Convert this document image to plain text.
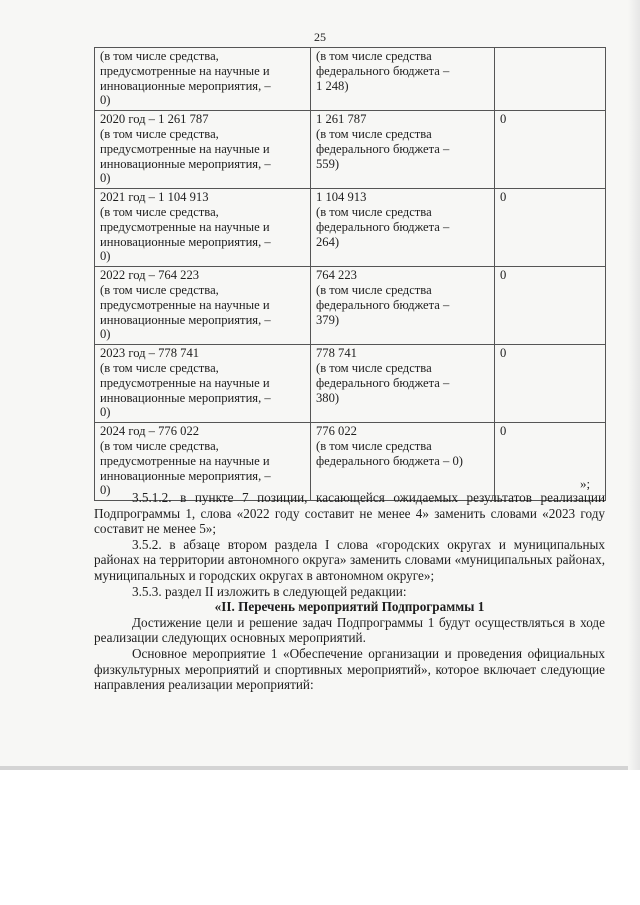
25
(в том числе средства,
предусмотренные на научные и
инновационные мероприятия, –
0)	(в том числе средства
федерального бюджета –
1 248)	

2020 год – 1 261 787
(в том числе средства,
предусмотренные на научные и
инновационные мероприятия, –
0)	1 261 787
(в том числе средства
федерального бюджета –
559)	0

2021 год – 1 104 913
(в том числе средства,
предусмотренные на научные и
инновационные мероприятия, –
0)	1 104 913
(в том числе средства
федерального бюджета –
264)	0

2022 год – 764 223
(в том числе средства,
предусмотренные на научные и
инновационные мероприятия, –
0)	764 223
(в том числе средства
федерального бюджета –
379)	0

2023 год – 778 741
(в том числе средства,
предусмотренные на научные и
инновационные мероприятия, –
0)	778 741
(в том числе средства
федерального бюджета –
380)	0

2024 год – 776 022
(в том числе средства,
предусмотренные на научные и
инновационные мероприятия, –
0)	776 022
(в том числе средства
федерального бюджета – 0)	0
»;

3.5.1.2. в пункте 7 позиции, касающейся ожидаемых результатов реализации Подпрограммы 1, слова «2022 году составит не менее 4» заменить словами «2023 году составит не менее 5»;

3.5.2. в абзаце втором раздела I слова «городских округах и муниципальных районах на территории автономного округа» заменить словами «муниципальных районах, муниципальных и городских округах в автономном округе»;

3.5.3. раздел II изложить в следующей редакции:

«II. Перечень мероприятий Подпрограммы 1

Достижение цели и решение задач Подпрограммы 1 будут осуществляться в ходе реализации следующих основных мероприятий.

Основное мероприятие 1 «Обеспечение организации и проведения официальных физкультурных мероприятий и спортивных мероприятий», которое включает следующие направления реализации мероприятий:
